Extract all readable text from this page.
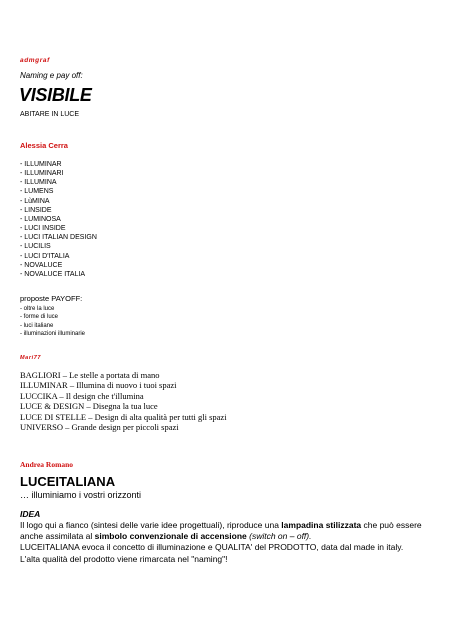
admgraf
Naming e pay off:
VISIBILE
ABITARE IN LUCE
Alessia Cerra
- ILLUMINAR
- ILLUMINARI
- ILLUMINA
- LUMENS
- LùMINA
- LINSIDE
- LUMINOSA
- LUCI INSIDE
- LUCI ITALIAN DESIGN
- LUCILIS
- LUCI D'ITALIA
- NOVALUCE
- NOVALUCE ITALIA
proposte PAYOFF:
- oltre la luce
- forme di luce
- luci italiane
- illuminazioni illuminarie
Mari77
BAGLIORI – Le stelle a portata di mano
ILLUMINAR – Illumina di nuovo i tuoi spazi
LUCCIKA – Il design che t'illumina
LUCE & DESIGN – Disegna la tua luce
LUCE DI STELLE – Design di alta qualità per tutti gli spazi
UNIVERSO – Grande design per piccoli spazi
Andrea Romano
LUCEITALIANA
… illuminiamo i vostri orizzonti
IDEA

Il logo qui a fianco (sintesi delle varie idee progettuali), riproduce una lampadina stilizzata che può essere anche assimilata al simbolo convenzionale di accensione (switch on – off).

LUCEITALIANA evoca il concetto di illuminazione e QUALITA' del PRODOTTO, data dal made in italy.

L'alta qualità del prodotto viene rimarcata nel "naming"!
